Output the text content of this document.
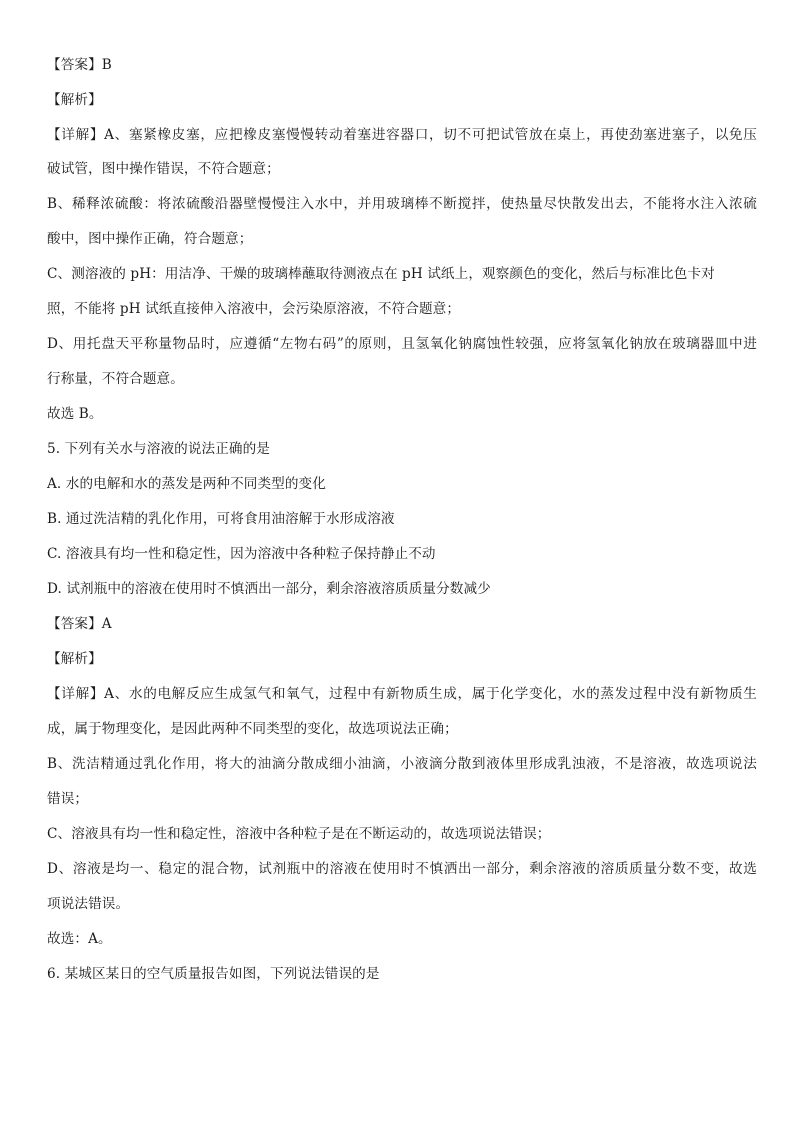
【答案】B
【解析】
【详解】A、塞紧橡皮塞，应把橡皮塞慢慢转动着塞进容器口，切不可把试管放在桌上，再使劲塞进塞子，以免压
破试管，图中操作错误，不符合题意；
B、稀释浓硫酸：将浓硫酸沿器壁慢慢注入水中，并用玻璃棒不断搅拌，使热量尽快散发出去，不能将水注入浓硫
酸中，图中操作正确，符合题意；
C、测溶液的 pH：用洁净、干燥的玻璃棒蘸取待测液点在 pH 试纸上，观察颜色的变化，然后与标准比色卡对
照，不能将 pH 试纸直接伸入溶液中，会污染原溶液，不符合题意；
D、用托盘天平称量物品时，应遵循“左物右码”的原则，且氢氧化钠腐蚀性较强，应将氢氧化钠放在玻璃器皿中进
行称量，不符合题意。
故选 B。
5. 下列有关水与溶液的说法正确的是
A. 水的电解和水的蒸发是两种不同类型的变化
B. 通过洗洁精的乳化作用，可将食用油溶解于水形成溶液
C. 溶液具有均一性和稳定性，因为溶液中各种粒子保持静止不动
D. 试剂瓶中的溶液在使用时不慎洒出一部分，剩余溶液溶质质量分数减少
【答案】A
【解析】
【详解】A、水的电解反应生成氢气和氧气，过程中有新物质生成，属于化学变化，水的蒸发过程中没有新物质生
成，属于物理变化，是因此两种不同类型的变化，故选项说法正确；
B、洗洁精通过乳化作用，将大的油滴分散成细小油滴，小液滴分散到液体里形成乳浊液，不是溶液，故选项说法
错误；
C、溶液具有均一性和稳定性，溶液中各种粒子是在不断运动的，故选项说法错误；
D、溶液是均一、稳定的混合物，试剂瓶中的溶液在使用时不慎洒出一部分，剩余溶液的溶质质量分数不变，故选
项说法错误。
故选：A。
6. 某城区某日的空气质量报告如图，下列说法错误的是
